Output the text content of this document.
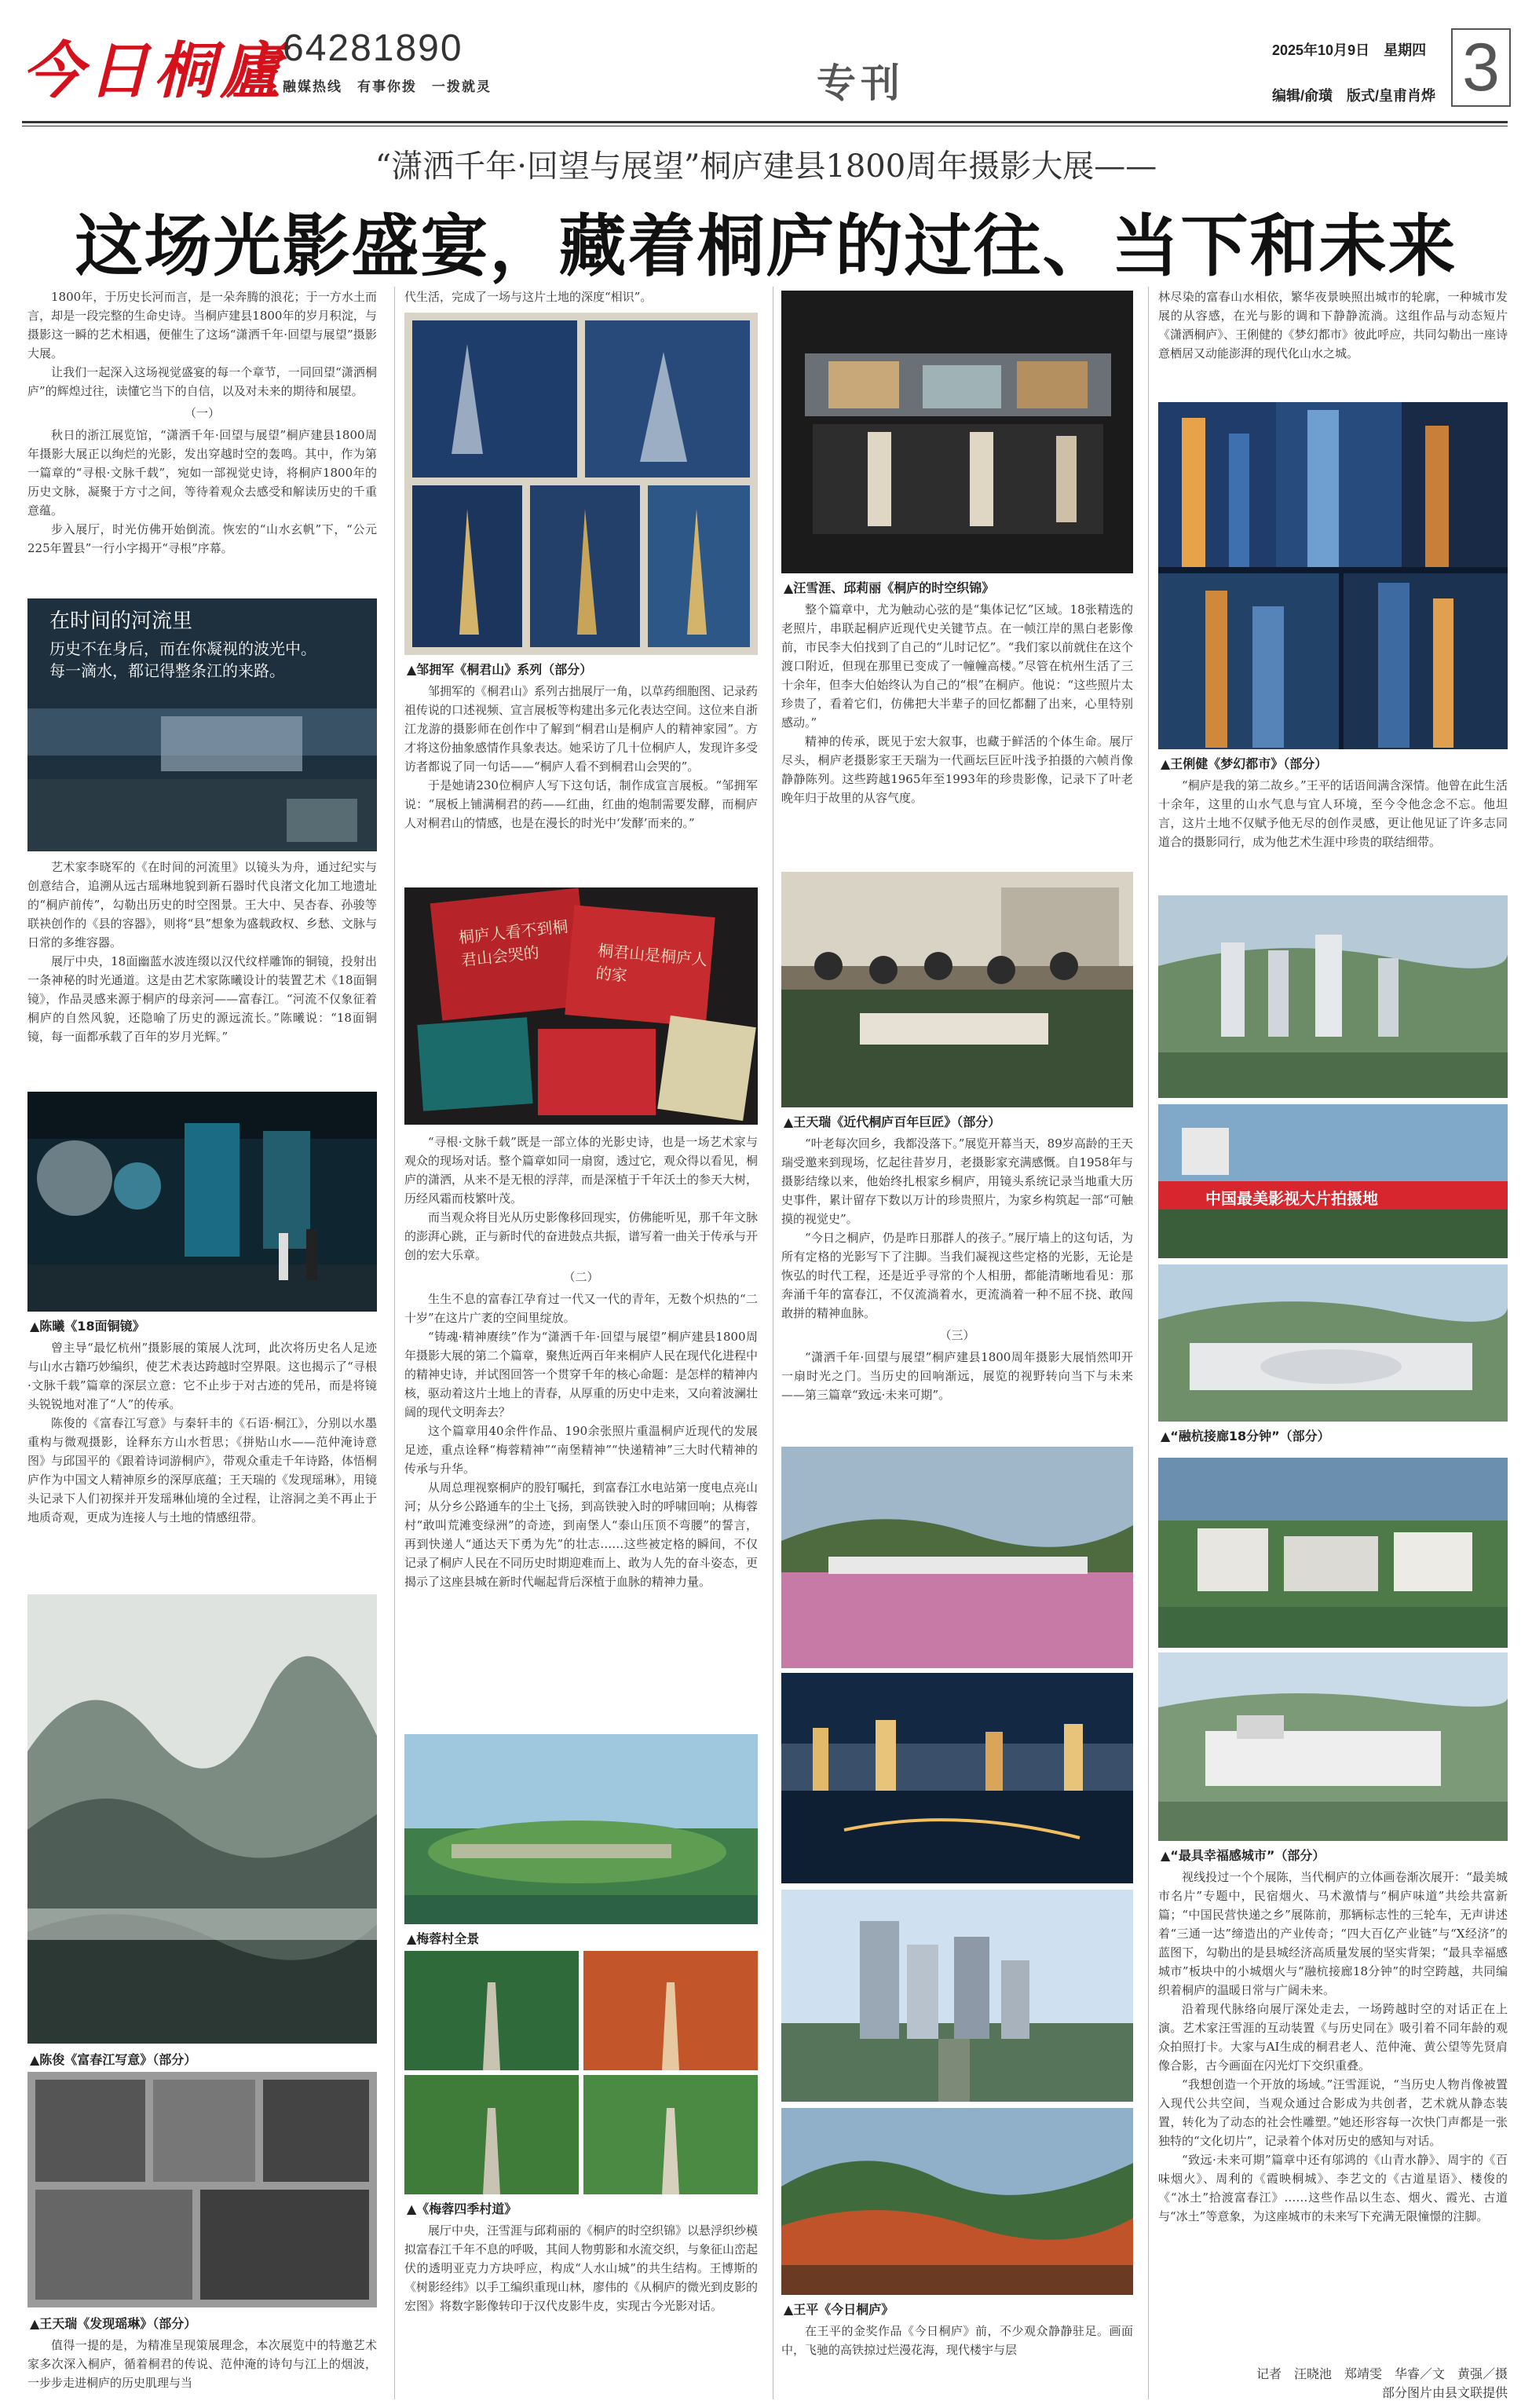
今日桐廬
64281890
融媒热线　有事你拨　一拨就灵	专刊
2025年10月9日　星期四
编辑/俞璜　版式/皇甫肖烨 3
“潇洒千年·回望与展望”桐庐建县1800周年摄影大展——
这场光影盛宴，藏着桐庐的过往、当下和未来

1800年，于历史长河而言，是一朵奔腾的浪花；于一方水土而言，却是一段完整的生命史诗。当桐庐建县1800年的岁月积淀，与摄影这一瞬的艺术相遇，便催生了这场“潇洒千年·回望与展望”摄影大展。

让我们一起深入这场视觉盛宴的每一个章节，一同回望“潇洒桐庐”的辉煌过往，读懂它当下的自信，以及对未来的期待和展望。

（一）

秋日的浙江展览馆，“潇洒千年·回望与展望”桐庐建县1800周年摄影大展正以绚烂的光影，发出穿越时空的轰鸣。其中，作为第一篇章的“寻根·文脉千载”，宛如一部视觉史诗，将桐庐1800年的历史文脉，凝聚于方寸之间，等待着观众去感受和解读历史的千重意蕴。

步入展厅，时光仿佛开始倒流。恢宏的“山水玄帆”下，“公元225年置县”一行小字揭开“寻根”序幕。

在时间的河流里
历史不在身后，而在你凝视的波光中。
每一滴水，都记得整条江的来路。

艺术家李晓军的《在时间的河流里》以镜头为舟，通过纪实与创意结合，追溯从远古瑶琳地貌到新石器时代良渚文化加工地遗址的“桐庐前传”，勾勒出历史的时空图景。王大中、吴杏春、孙骏等联袂创作的《县的容器》，则将“县”想象为盛载政权、乡愁、文脉与日常的多维容器。

展厅中央，18面幽蓝水波连缀以汉代纹样雕饰的铜镜，投射出一条神秘的时光通道。这是由艺术家陈曦设计的装置艺术《18面铜镜》，作品灵感来源于桐庐的母亲河——富春江。“河流不仅象征着桐庐的自然风貌，还隐喻了历史的源远流长。”陈曦说：“18面铜镜，每一面都承载了百年的岁月光辉。”

▲陈曦《18面铜镜》

曾主导“最忆杭州”摄影展的策展人沈珂，此次将历史名人足迹与山水古籍巧妙编织，使艺术表达跨越时空界限。这也揭示了“寻根·文脉千载”篇章的深层立意：它不止步于对古迹的凭吊，而是将镜头锐锐地对准了“人”的传承。

陈俊的《富春江写意》与秦轩丰的《石语·桐江》，分别以水墨重构与微观摄影，诠释东方山水哲思；《拼贴山水——范仲淹诗意图》与邱国平的《跟着诗词游桐庐》，带观众重走千年诗路，体悟桐庐作为中国文人精神原乡的深厚底蕴；王天瑞的《发现瑶琳》，用镜头记录下人们初探并开发瑶琳仙境的全过程，让溶洞之美不再止于地质奇观，更成为连接人与土地的情感纽带。

▲陈俊《富春江写意》（部分）
▲王天瑞《发现瑶琳》（部分）

值得一提的是，为精准呈现策展理念，本次展览中的特邀艺术家多次深入桐庐，循着桐君的传说、范仲淹的诗句与江上的烟波，一步步走进桐庐的历史肌理与当

代生活，完成了一场与这片土地的深度“相识”。

▲邹拥军《桐君山》系列（部分）

邹拥军的《桐君山》系列古拙展厅一角，以草药细胞图、记录药祖传说的口述视频、宣言展板等构建出多元化表达空间。这位来自浙江龙游的摄影师在创作中了解到“桐君山是桐庐人的精神家园”。方才将这份抽象感情作具象表达。她采访了几十位桐庐人，发现许多受访者都说了同一句话——“桐庐人看不到桐君山会哭的”。

于是她请230位桐庐人写下这句话，制作成宣言展板。“邹拥军说：“展板上铺满桐君的药——红曲，红曲的炮制需要发酵，而桐庐人对桐君山的情感，也是在漫长的时光中‘发酵’而来的。”

桐庐人看不到桐君山会哭的	桐君山是桐庐人的家

“寻根·文脉千载”既是一部立体的光影史诗，也是一场艺术家与观众的现场对话。整个篇章如同一扇窗，透过它，观众得以看见，桐庐的潇洒，从来不是无根的浮萍，而是深植于千年沃土的参天大树，历经风霜而枝繁叶茂。

而当观众将目光从历史影像移回现实，仿佛能听见，那千年文脉的澎湃心跳，正与新时代的奋进鼓点共振，谱写着一曲关于传承与开创的宏大乐章。

（二）

生生不息的富春江孕育过一代又一代的青年，无数个炽热的“二十岁”在这片广袤的空间里绽放。

“铸魂·精神赓续”作为“潇洒千年·回望与展望”桐庐建县1800周年摄影大展的第二个篇章，聚焦近两百年来桐庐人民在现代化进程中的精神史诗，并试图回答一个贯穿千年的核心命题：是怎样的精神内核，驱动着这片土地上的青春，从厚重的历史中走来，又向着波澜壮阔的现代文明奔去？

这个篇章用40余件作品、190余张照片重温桐庐近现代的发展足迹，重点诠释“梅蓉精神”“南堡精神”“快递精神”三大时代精神的传承与升华。

从周总理视察桐庐的股钉嘱托，到富春江水电站第一度电点亮山河；从分乡公路通车的尘土飞扬，到高铁驶入时的呼啸回响；从梅蓉村“敢叫荒滩变绿洲”的奇迹，到南堡人“泰山压顶不弯腰”的誓言，再到快递人“通达天下勇为先”的壮志……这些被定格的瞬间，不仅记录了桐庐人民在不同历史时期迎难而上、敢为人先的奋斗姿态，更揭示了这座县城在新时代崛起背后深植于血脉的精神力量。

▲梅蓉村全景
▲《梅蓉四季村道》

展厅中央，汪雪涯与邱莉丽的《桐庐的时空织锦》以悬浮织纱模拟富春江千年不息的呼吸，其间人物剪影和水流交织，与象征山峦起伏的透明亚克力方块呼应，构成“人水山城”的共生结构。王博斯的《树影经纬》以手工编织重现山林，廖伟的《从桐庐的微光到皮影的宏图》将数字影像转印于汉代皮影牛皮，实现古今光影对话。

▲汪雪涯、邱莉丽《桐庐的时空织锦》

整个篇章中，尤为触动心弦的是“集体记忆”区域。18张精选的老照片，串联起桐庐近现代史关键节点。在一帧江岸的黑白老影像前，市民李大伯找到了自己的“儿时记忆”。“我们家以前就住在这个渡口附近，但现在那里已变成了一幢幢高楼。”尽管在杭州生活了三十余年，但李大伯始终认为自己的“根”在桐庐。他说：“这些照片太珍贵了，看着它们，仿佛把大半辈子的回忆都翻了出来，心里特别感动。”

精神的传承，既见于宏大叙事，也藏于鲜活的个体生命。展厅尽头，桐庐老摄影家王天瑞为一代画坛巨匠叶浅予拍摄的六帧肖像静静陈列。这些跨越1965年至1993年的珍贵影像，记录下了叶老晚年归于故里的从容气度。

▲王天瑞《近代桐庐百年巨匠》（部分）

“叶老每次回乡，我都没落下。”展览开幕当天，89岁高龄的王天瑞受邀来到现场，忆起往昔岁月，老摄影家充满感慨。自1958年与摄影结缘以来，他始终扎根家乡桐庐，用镜头系统记录当地重大历史事件，累计留存下数以万计的珍贵照片，为家乡构筑起一部“可触摸的视觉史”。

“今日之桐庐，仍是昨日那群人的孩子。”展厅墙上的这句话，为所有定格的光影写下了注脚。当我们凝视这些定格的光影，无论是恢弘的时代工程，还是近乎寻常的个人相册，都能清晰地看见：那奔涌千年的富春江，不仅流淌着水，更流淌着一种不屈不挠、敢闯敢拼的精神血脉。

（三）

“潇洒千年·回望与展望”桐庐建县1800周年摄影大展悄然叩开一扇时光之门。当历史的回响渐远，展览的视野转向当下与未来——第三篇章“致远·未来可期”。

▲王平《今日桐庐》

在王平的金奖作品《今日桐庐》前，不少观众静静驻足。画面中，飞驰的高铁掠过烂漫花海，现代楼宇与层

林尽染的富春山水相依，繁华夜景映照出城市的轮廓，一种城市发展的从容感，在光与影的调和下静静流淌。这组作品与动态短片《潇洒桐庐》、王俐健的《梦幻都市》彼此呼应，共同勾勒出一座诗意栖居又动能澎湃的现代化山水之城。

▲王俐健《梦幻都市》（部分）

“桐庐是我的第二故乡。”王平的话语间满含深情。他曾在此生活十余年，这里的山水气息与宜人环境，至今令他念念不忘。他坦言，这片土地不仅赋予他无尽的创作灵感，更让他见证了许多志同道合的摄影同行，成为他艺术生涯中珍贵的联结细带。

中国最美影视大片拍摄地
▲“融杭接廊18分钟”（部分）
▲“最具幸福感城市”（部分）

视线投过一个个展陈，当代桐庐的立体画卷渐次展开：“最美城市名片”专题中，民宿烟火、马术激情与“桐庐味道”共绘共富新篇；“中国民营快递之乡”展陈前，那辆标志性的三轮车，无声讲述着“三通一达”缔造出的产业传奇；“四大百亿产业链”与“X经济”的蓝图下，勾勒出的是县城经济高质量发展的坚实背架；“最具幸福感城市”板块中的小城烟火与“融杭接廊18分钟”的时空跨越，共同编织着桐庐的温暖日常与广阔未来。

沿着现代脉络向展厅深处走去，一场跨越时空的对话正在上演。艺术家汪雪涯的互动装置《与历史同在》吸引着不同年龄的观众拍照打卡。大家与AI生成的桐君老人、范仲淹、黄公望等先贤肩像合影，古今画面在闪光灯下交织重叠。

“我想创造一个开放的场域。”汪雪涯说，“当历史人物肖像被置入现代公共空间，当观众通过合影成为共创者，艺术就从静态装置，转化为了动态的社会性雕塑。”她还形容每一次快门声都是一张独特的“文化切片”，记录着个体对历史的感知与对话。

“致远·未来可期”篇章中还有邬鸿的《山青水静》、周宇的《百味烟火》、周利的《霞映桐城》、李艺文的《古道星语》、楼俊的《“冰土”拾渡富春江》……这些作品以生态、烟火、霞光、古道与“冰土”等意象，为这座城市的未来写下充满无限憧憬的注脚。

记者　汪晓池　郑靖雯　华睿／文　黄强／摄
部分图片由县文联提供
